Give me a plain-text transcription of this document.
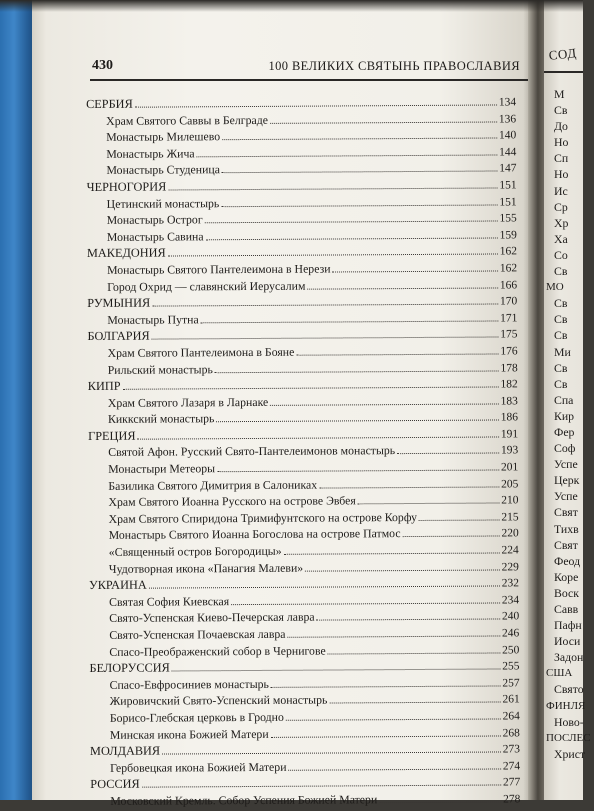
430	100 ВЕЛИКИХ СВЯТЫНЬ ПРАВОСЛАВИЯ
СЕРБИЯ	134
Храм Святого Саввы в Белграде	136
Монастырь Милешево	140
Монастырь Жича	144
Монастырь Студеница	147
ЧЕРНОГОРИЯ	151
Цетинский монастырь	151
Монастырь Острог	155
Монастырь Савина	159
МАКЕДОНИЯ	162
Монастырь Святого Пантелеимона в Нерези	162
Город Охрид — славянский Иерусалим	166
РУМЫНИЯ	170
Монастырь Путна	171
БОЛГАРИЯ	175
Храм Святого Пантелеимона в Бояне	176
Рильский монастырь	178
КИПР	182
Храм Святого Лазаря в Ларнаке	183
Киккский монастырь	186
ГРЕЦИЯ	191
Святой Афон. Русский Свято-Пантелеимонов монастырь	193
Монастыри Метеоры	201
Базилика Святого Димитрия в Салониках	205
Храм Святого Иоанна Русского на острове Эвбея	210
Храм Святого Спиридона Тримифунтского на острове Корфу	215
Монастырь Святого Иоанна Богослова на острове Патмос	220
«Священный остров Богородицы»	224
Чудотворная икона «Панагия Малеви»	229
УКРАИНА	232
Святая София Киевская	234
Свято-Успенская Киево-Печерская лавра	240
Свято-Успенская Почаевская лавра	246
Спасо-Преображенский собор в Чернигове	250
БЕЛОРУССИЯ	255
Спасо-Евфросиниев монастырь	257
Жировичский Свято-Успенский монастырь	261
Борисо-Глебская церковь в Гродно	264
Минская икона Божией Матери	268
МОЛДАВИЯ	273
Гербовецкая икона Божией Матери	274
РОССИЯ	277
Московский Кремль. Собор Успения Божией Матери	278
СОД
М
Св
До
Но
Сп
Но
Ис
Ср
Хр
Ха
Со
Св
МО
Св
Св
Св
Ми
Св
Св
Спа
Кир
Фер
Соф
Успе
Церк
Успе
Свят
Тихв
Свят
Феод
Коре
Воск
Савв
Пафн
Иоси
Задон
США
Свято
ФИНЛЯ
Ново-
ПОСЛЕС
Христ
